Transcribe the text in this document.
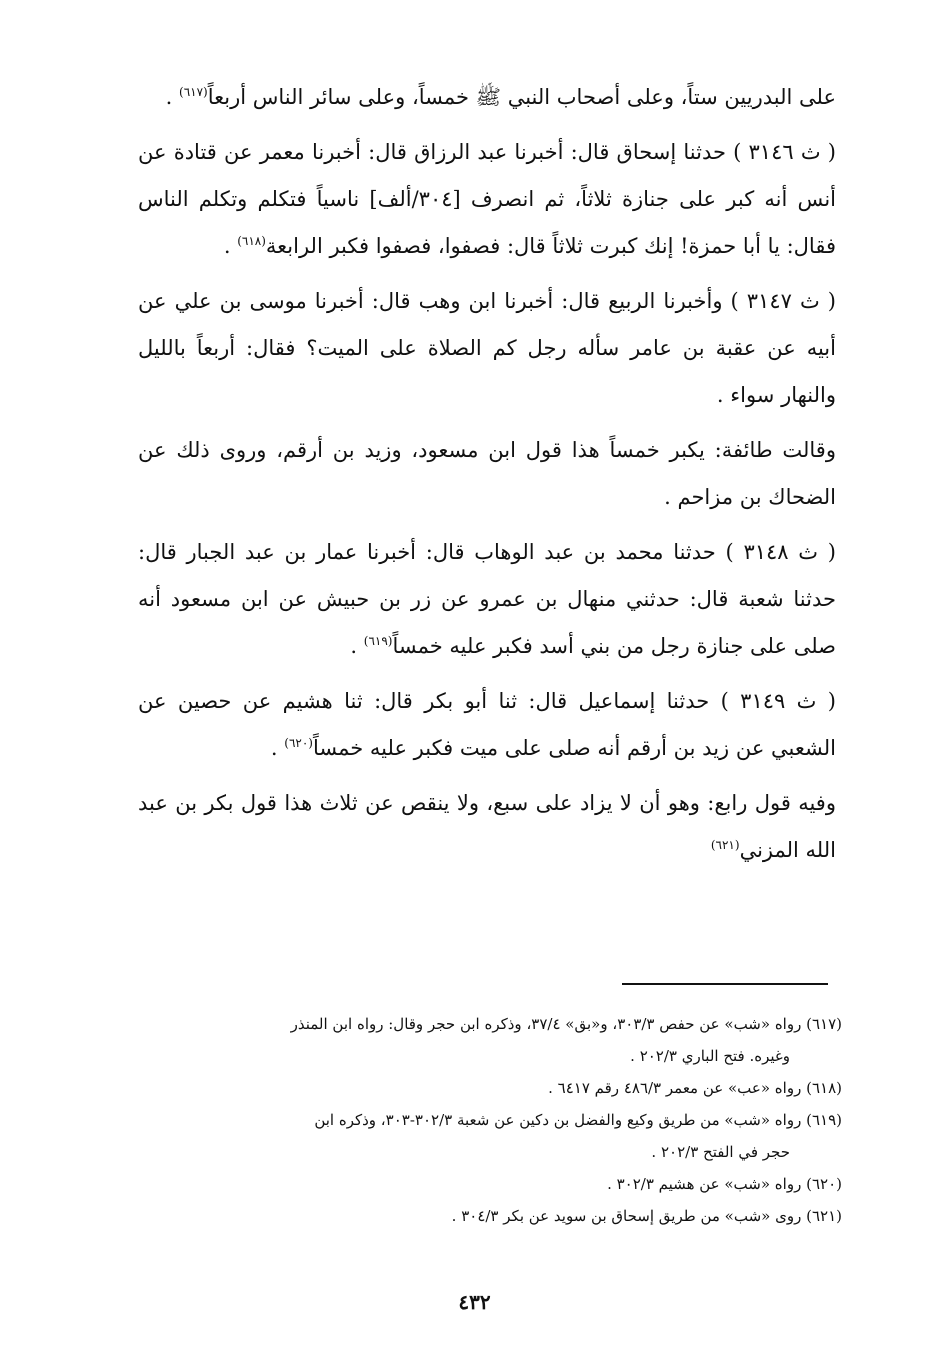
على البدريين ستاً، وعلى أصحاب النبي ﷺ خمساً، وعلى سائر الناس أربعاً$^{(٦١٧)}$ .

( ث ٣١٤٦ ) حدثنا إسحاق قال: أخبرنا عبد الرزاق قال: أخبرنا معمر عن قتادة عن أنس أنه كبر على جنازة ثلاثاً، ثم انصرف [٣٠٤/ألف] ناسياً فتكلم وتكلم الناس فقال: يا أبا حمزة! إنك كبرت ثلاثاً قال: فصفوا، فصفوا فكبر الرابعة$^{(٦١٨)}$ .

( ث ٣١٤٧ ) وأخبرنا الربيع قال: أخبرنا ابن وهب قال: أخبرنا موسى بن علي عن أبيه عن عقبة بن عامر سأله رجل كم الصلاة على الميت؟ فقال: أربعاً بالليل والنهار سواء .

وقالت طائفة: يكبر خمساً هذا قول ابن مسعود، وزيد بن أرقم، وروى ذلك عن الضحاك بن مزاحم .

( ث ٣١٤٨ ) حدثنا محمد بن عبد الوهاب قال: أخبرنا عمار بن عبد الجبار قال: حدثنا شعبة قال: حدثني منهال بن عمرو عن زر بن حبيش عن ابن مسعود أنه صلى على جنازة رجل من بني أسد فكبر عليه خمساً$^{(٦١٩)}$ .

( ث ٣١٤٩ ) حدثنا إسماعيل قال: ثنا أبو بكر قال: ثنا هشيم عن حصين عن الشعبي عن زيد بن أرقم أنه صلى على ميت فكبر عليه خمساً$^{(٦٢٠)}$ .

وفيه قول رابع: وهو أن لا يزاد على سبع، ولا ينقص عن ثلاث هذا قول بكر بن عبد الله المزني$^{(٦٢١)}$

(٦١٧) رواه «شب» عن حفص ٣٠٣/٣، و«بق» ٣٧/٤، وذكره ابن حجر وقال: رواه ابن المنذر
وغيره. فتح الباري ٢٠٢/٣ .

(٦١٨) رواه «عب» عن معمر ٤٨٦/٣ رقم ٦٤١٧ .

(٦١٩) رواه «شب» من طريق وكيع والفضل بن دكين عن شعبة ٣٠٢/٣-٣٠٣، وذكره ابن
حجر في الفتح ٢٠٢/٣ .

(٦٢٠) رواه «شب» عن هشيم ٣٠٢/٣ .

(٦٢١) روى «شب» من طريق إسحاق بن سويد عن بكر ٣٠٤/٣ .

٤٣٢
